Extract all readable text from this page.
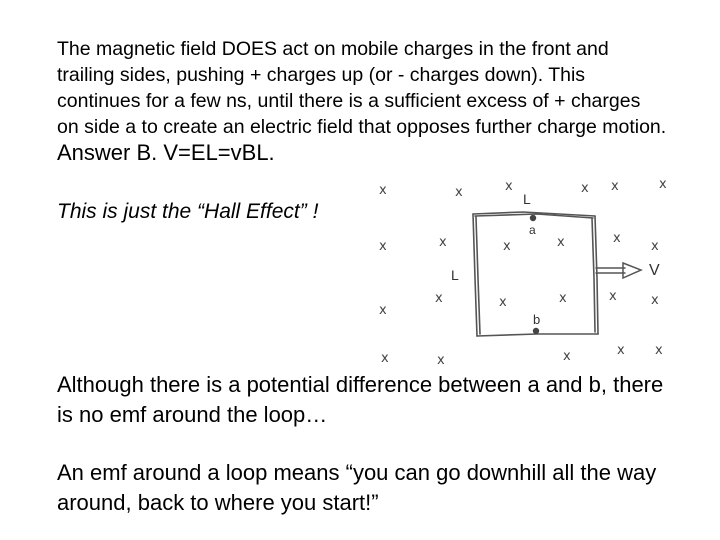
The magnetic field DOES act on mobile charges in the front and trailing sides, pushing + charges up (or - charges down). This continues for a few ns, until there is a sufficient excess of + charges on side a to create an electric field that opposes further charge motion. Answer B. V=EL=vBL.

This is just the “Hall Effect” !

Although there is a potential difference between a and b, there is no emf around the loop…

An emf around a loop means “you can go downhill all the way around, back to where you start!”

x	x	x	x x	x
x	x	x	x	x
x
x	x	x	x	x
x
x	x	x	x x
L
L
a
b
V
